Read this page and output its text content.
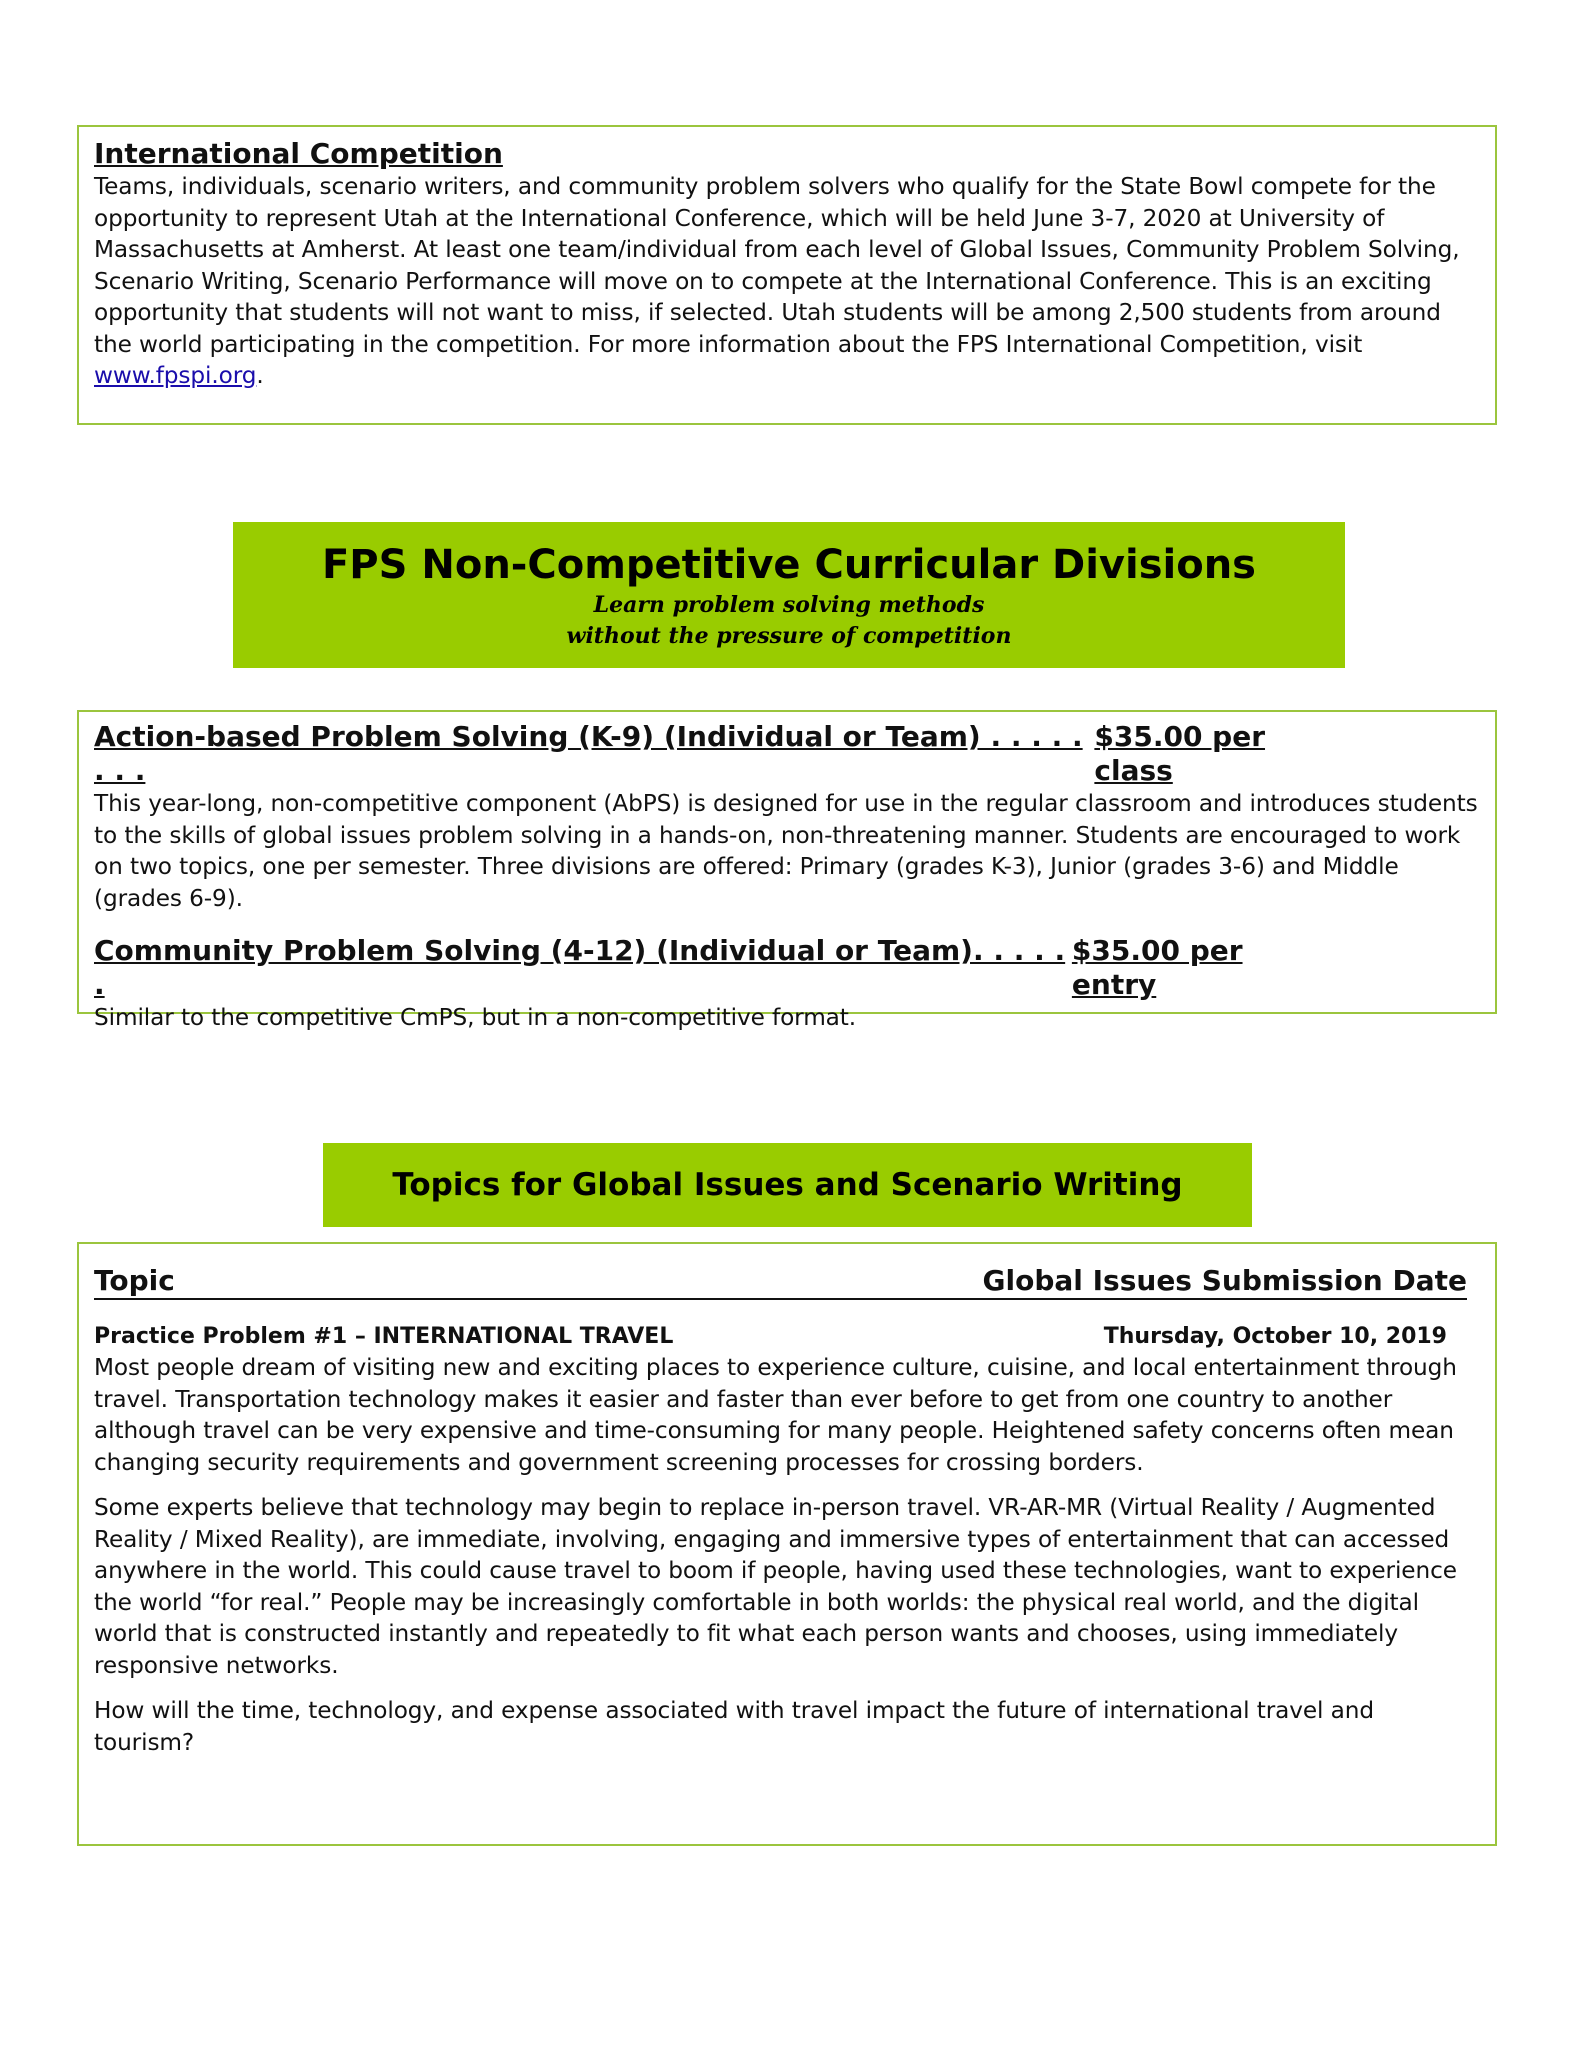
International Competition

Teams, individuals, scenario writers, and community problem solvers who qualify for the State Bowl compete for the opportunity to represent Utah at the International Conference, which will be held June 3-7, 2020 at University of Massachusetts at Amherst. At least one team/individual from each level of Global Issues, Community Problem Solving, Scenario Writing, Scenario Performance will move on to compete at the International Conference. This is an exciting opportunity that students will not want to miss, if selected. Utah students will be among 2,500 students from around the world participating in the competition. For more information about the FPS International Competition, visit www.fpspi.org.

FPS Non-Competitive Curricular Divisions
Learn problem solving methods
without the pressure of competition
Action-based Problem Solving (K-9) (Individual or Team) . . . . . . . .
$35.00 per class

This year-long, non-competitive component (AbPS) is designed for use in the regular classroom and introduces students to the skills of global issues problem solving in a hands-on, non-threatening manner. Students are encouraged to work on two topics, one per semester. Three divisions are offered: Primary (grades K-3), Junior (grades 3-6) and Middle (grades 6-9).

Community Problem Solving (4-12) (Individual or Team). . . . . .
$35.00 per entry

Similar to the competitive CmPS, but in a non-competitive format.

Topics for Global Issues and Scenario Writing
Topic	Global Issues Submission Date
Practice Problem #1 – INTERNATIONAL TRAVEL	Thursday, October 10, 2019

Most people dream of visiting new and exciting places to experience culture, cuisine, and local entertainment through travel. Transportation technology makes it easier and faster than ever before to get from one country to another although travel can be very expensive and time-consuming for many people. Heightened safety concerns often mean changing security requirements and government screening processes for crossing borders.

Some experts believe that technology may begin to replace in-person travel. VR-AR-MR (Virtual Reality / Augmented Reality / Mixed Reality), are immediate, involving, engaging and immersive types of entertainment that can accessed anywhere in the world. This could cause travel to boom if people, having used these technologies, want to experience the world “for real.” People may be increasingly comfortable in both worlds: the physical real world, and the digital world that is constructed instantly and repeatedly to fit what each person wants and chooses, using immediately responsive networks.

How will the time, technology, and expense associated with travel impact the future of international travel and tourism?
